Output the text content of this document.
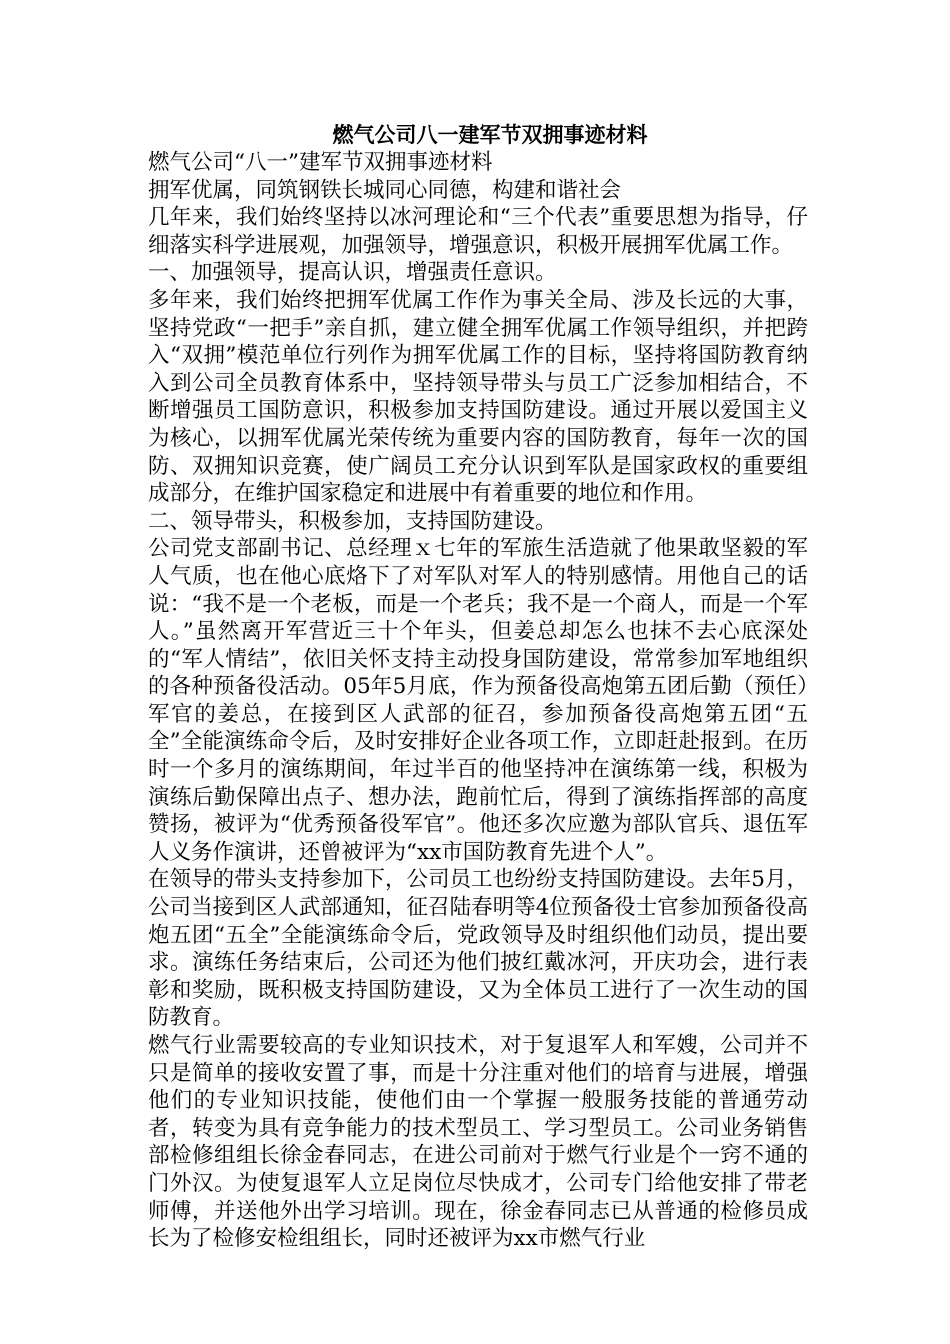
燃气公司八一建军节双拥事迹材料

燃气公司“八一”建军节双拥事迹材料

拥军优属，同筑钢铁长城同心同德，构建和谐社会

几年来，我们始终坚持以冰河理论和“三个代表”重要思想为指导，仔细落实科学进展观，加强领导，增强意识，积极开展拥军优属工作。

一、加强领导，提高认识，增强责任意识。

多年来，我们始终把拥军优属工作作为事关全局、涉及长远的大事，坚持党政“一把手”亲自抓，建立健全拥军优属工作领导组织，并把跨入“双拥”模范单位行列作为拥军优属工作的目标，坚持将国防教育纳入到公司全员教育体系中，坚持领导带头与员工广泛参加相结合，不断增强员工国防意识，积极参加支持国防建设。通过开展以爱国主义为核心，以拥军优属光荣传统为重要内容的国防教育，每年一次的国防、双拥知识竞赛，使广阔员工充分认识到军队是国家政权的重要组成部分，在维护国家稳定和进展中有着重要的地位和作用。

二、领导带头，积极参加，支持国防建设。

公司党支部副书记、总经理ｘ七年的军旅生活造就了他果敢坚毅的军人气质，也在他心底烙下了对军队对军人的特别感情。用他自己的话说：“我不是一个老板，而是一个老兵；我不是一个商人，而是一个军人。”虽然离开军营近三十个年头，但姜总却怎么也抹不去心底深处的“军人情结”，依旧关怀支持主动投身国防建设，常常参加军地组织的各种预备役活动。05年5月底，作为预备役高炮第五团后勤（预任）军官的姜总，在接到区人武部的征召，参加预备役高炮第五团“五全”全能演练命令后，及时安排好企业各项工作，立即赶赴报到。在历时一个多月的演练期间，年过半百的他坚持冲在演练第一线，积极为演练后勤保障出点子、想办法，跑前忙后，得到了演练指挥部的高度赞扬，被评为“优秀预备役军官”。他还多次应邀为部队官兵、退伍军人义务作演讲，还曾被评为“xx市国防教育先进个人”。

在领导的带头支持参加下，公司员工也纷纷支持国防建设。去年5月，公司当接到区人武部通知，征召陆春明等4位预备役士官参加预备役高炮五团“五全”全能演练命令后，党政领导及时组织他们动员，提出要求。演练任务结束后，公司还为他们披红戴冰河，开庆功会，进行表彰和奖励，既积极支持国防建设，又为全体员工进行了一次生动的国防教育。

燃气行业需要较高的专业知识技术，对于复退军人和军嫂，公司并不只是简单的接收安置了事，而是十分注重对他们的培育与进展，增强他们的专业知识技能，使他们由一个掌握一般服务技能的普通劳动者，转变为具有竞争能力的技术型员工、学习型员工。公司业务销售部检修组组长徐金春同志，在进公司前对于燃气行业是个一窍不通的门外汉。为使复退军人立足岗位尽快成才，公司专门给他安排了带老师傅，并送他外出学习培训。现在，徐金春同志已从普通的检修员成长为了检修安检组组长，同时还被评为xx市燃气行业
